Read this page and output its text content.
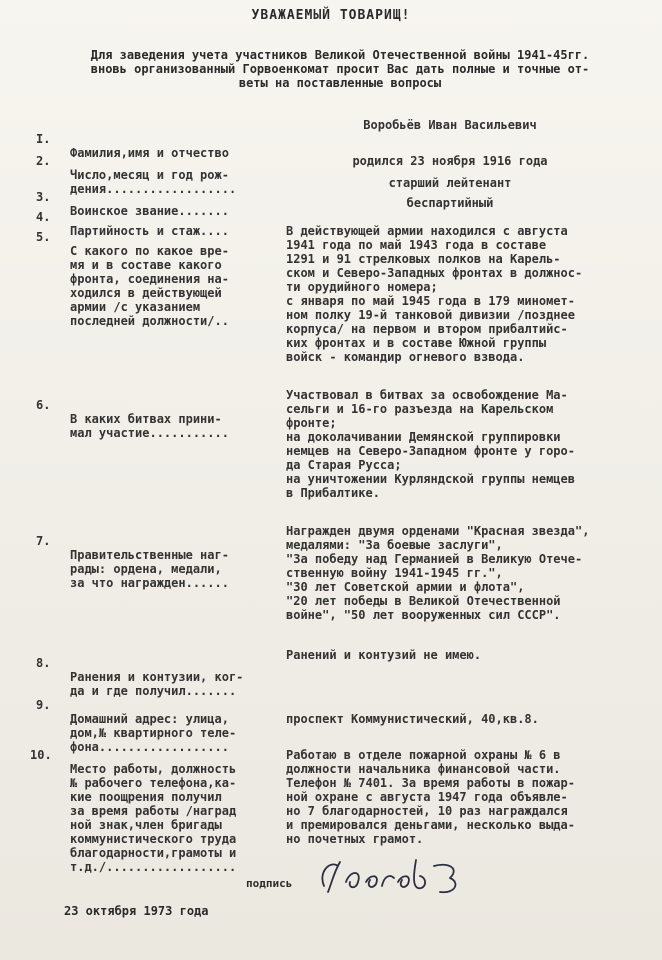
УВАЖАЕМЫЙ ТОВАРИЩ!
Для заведения учета участников Великой Отечественной войны 1941-45гг.
вновь организованный Горвоенкомат просит Вас дать полные и точные от-
веты на поставленные вопросы

I.

Фамилия,имя и отчество

Воробьёв Иван Васильевич

2.

Число,месяц и год рож-
дения..................

родился 23 ноября 1916 года

3.

Воинское звание.......

старший лейтенант

4.

Партийность и стаж....

беспартийный

5.

С какого по какое вре-
мя и в составе какого
фронта, соединения на-
ходился в действующей
армии /с указанием
последней должности/..

В действующей армии находился с августа
1941 года по май 1943 года в составе
1291 и 91 стрелковых полков на Карель-
ском и Северо-Западных фронтах в должнос-
ти орудийного номера;
с января по май 1945 года в 179 миномет-
ном полку 19-й танковой дивизии /позднее
корпуса/ на первом и втором прибалтийс-
ких фронтах и в составе Южной группы
войск - командир огневого взвода.

6.

В каких битвах прини-
мал участие...........

Участвовал в битвах за освобождение Ма-
сельги и 16-го разъезда на Карельском
фронте;
на доколачивании Демянской группировки
немцев на Северо-Западном фронте у горо-
да Старая Русса;
на уничтожении Курляндской группы немцев
в Прибалтике.

7.

Правительственные наг-
рады: ордена, медали,
за что награжден......

Награжден двумя орденами "Красная звезда",
медалями: "За боевые заслуги",
"За победу над Германией в Великую Отече-
ственную войну 1941-1945 гг.",
"30 лет Советской армии и флота",
"20 лет победы в Великой Отечественной
войне", "50 лет вооруженных сил СССР".

8.

Ранения и контузии, ког-
да и где получил.......

Ранений и контузий не имею.

9.

Домашний адрес: улица,
дом,№ квартирного теле-
фона..................

проспект Коммунистический, 40,кв.8.

10.

Место работы, должность
№ рабочего телефона,ка-
кие поощрения получил
за время работы /наград
ной знак,член бригады
коммунистического труда
благодарности,грамоты и
т.д./..................

Работаю в отделе пожарной охраны № 6 в
должности начальника финансовой части.
Телефон № 7401. За время работы в пожар-
ной охране с августа 1947 года объявле-
но 7 благодарностей, 10 раз награждался
и премировался деньгами, несколько выда-
но почетных грамот.
подпись
23 октября 1973 года
